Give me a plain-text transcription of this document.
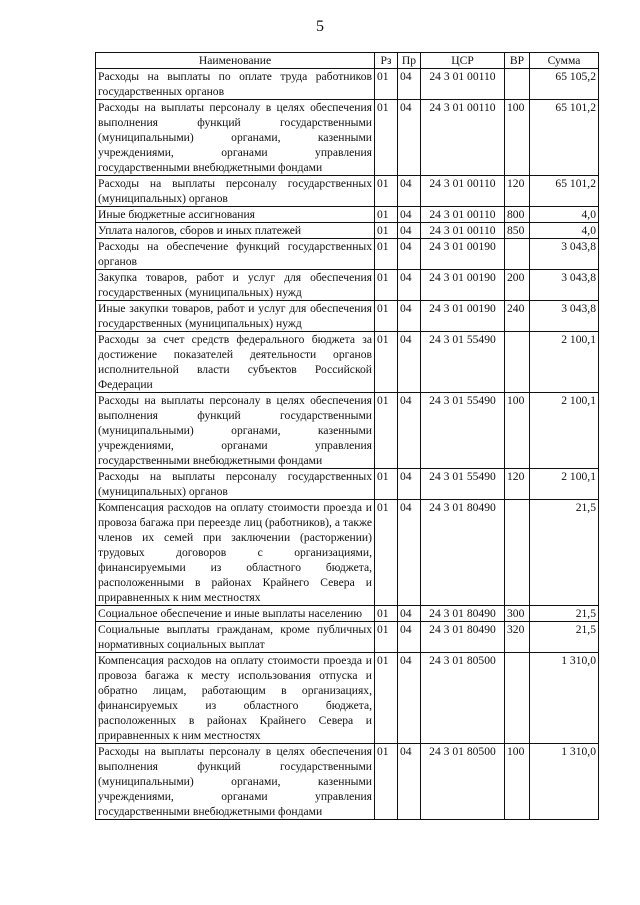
5
Наименование	Рз	Пр	ЦСР	ВР	Сумма
Расходы на выплаты по оплате труда работников государственных органов	01	04	24 3 01 00110		65 105,2
Расходы на выплаты персоналу в целях обеспечения выполнения функций государственными (муниципальными) органами, казенными учреждениями, органами управления государственными внебюджетными фондами	01	04	24 3 01 00110	100	65 101,2
Расходы на выплаты персоналу государственных (муниципальных) органов	01	04	24 3 01 00110	120	65 101,2
Иные бюджетные ассигнования	01	04	24 3 01 00110	800	4,0
Уплата налогов, сборов и иных платежей	01	04	24 3 01 00110	850	4,0
Расходы на обеспечение функций государственных органов	01	04	24 3 01 00190		3 043,8
Закупка товаров, работ и услуг для обеспечения государственных (муниципальных) нужд	01	04	24 3 01 00190	200	3 043,8
Иные закупки товаров, работ и услуг для обеспечения государственных (муниципальных) нужд	01	04	24 3 01 00190	240	3 043,8
Расходы за счет средств федерального бюджета за достижение показателей деятельности органов исполнительной власти субъектов Российской Федерации	01	04	24 3 01 55490		2 100,1
Расходы на выплаты персоналу в целях обеспечения выполнения функций государственными (муниципальными) органами, казенными учреждениями, органами управления государственными внебюджетными фондами	01	04	24 3 01 55490	100	2 100,1
Расходы на выплаты персоналу государственных (муниципальных) органов	01	04	24 3 01 55490	120	2 100,1
Компенсация расходов на оплату стоимости проезда и провоза багажа при переезде лиц (работников), а также членов их семей при заключении (расторжении) трудовых договоров с организациями, финансируемыми из областного бюджета, расположенными в районах Крайнего Севера и приравненных к ним местностях	01	04	24 3 01 80490		21,5
Социальное обеспечение и иные выплаты населению	01	04	24 3 01 80490	300	21,5
Социальные выплаты гражданам, кроме публичных нормативных социальных выплат	01	04	24 3 01 80490	320	21,5
Компенсация расходов на оплату стоимости проезда и провоза багажа к месту использования отпуска и обратно лицам, работающим в организациях, финансируемых из областного бюджета, расположенных в районах Крайнего Севера и приравненных к ним местностях	01	04	24 3 01 80500		1 310,0
Расходы на выплаты персоналу в целях обеспечения выполнения функций государственными (муниципальными) органами, казенными учреждениями, органами управления государственными внебюджетными фондами	01	04	24 3 01 80500	100	1 310,0
